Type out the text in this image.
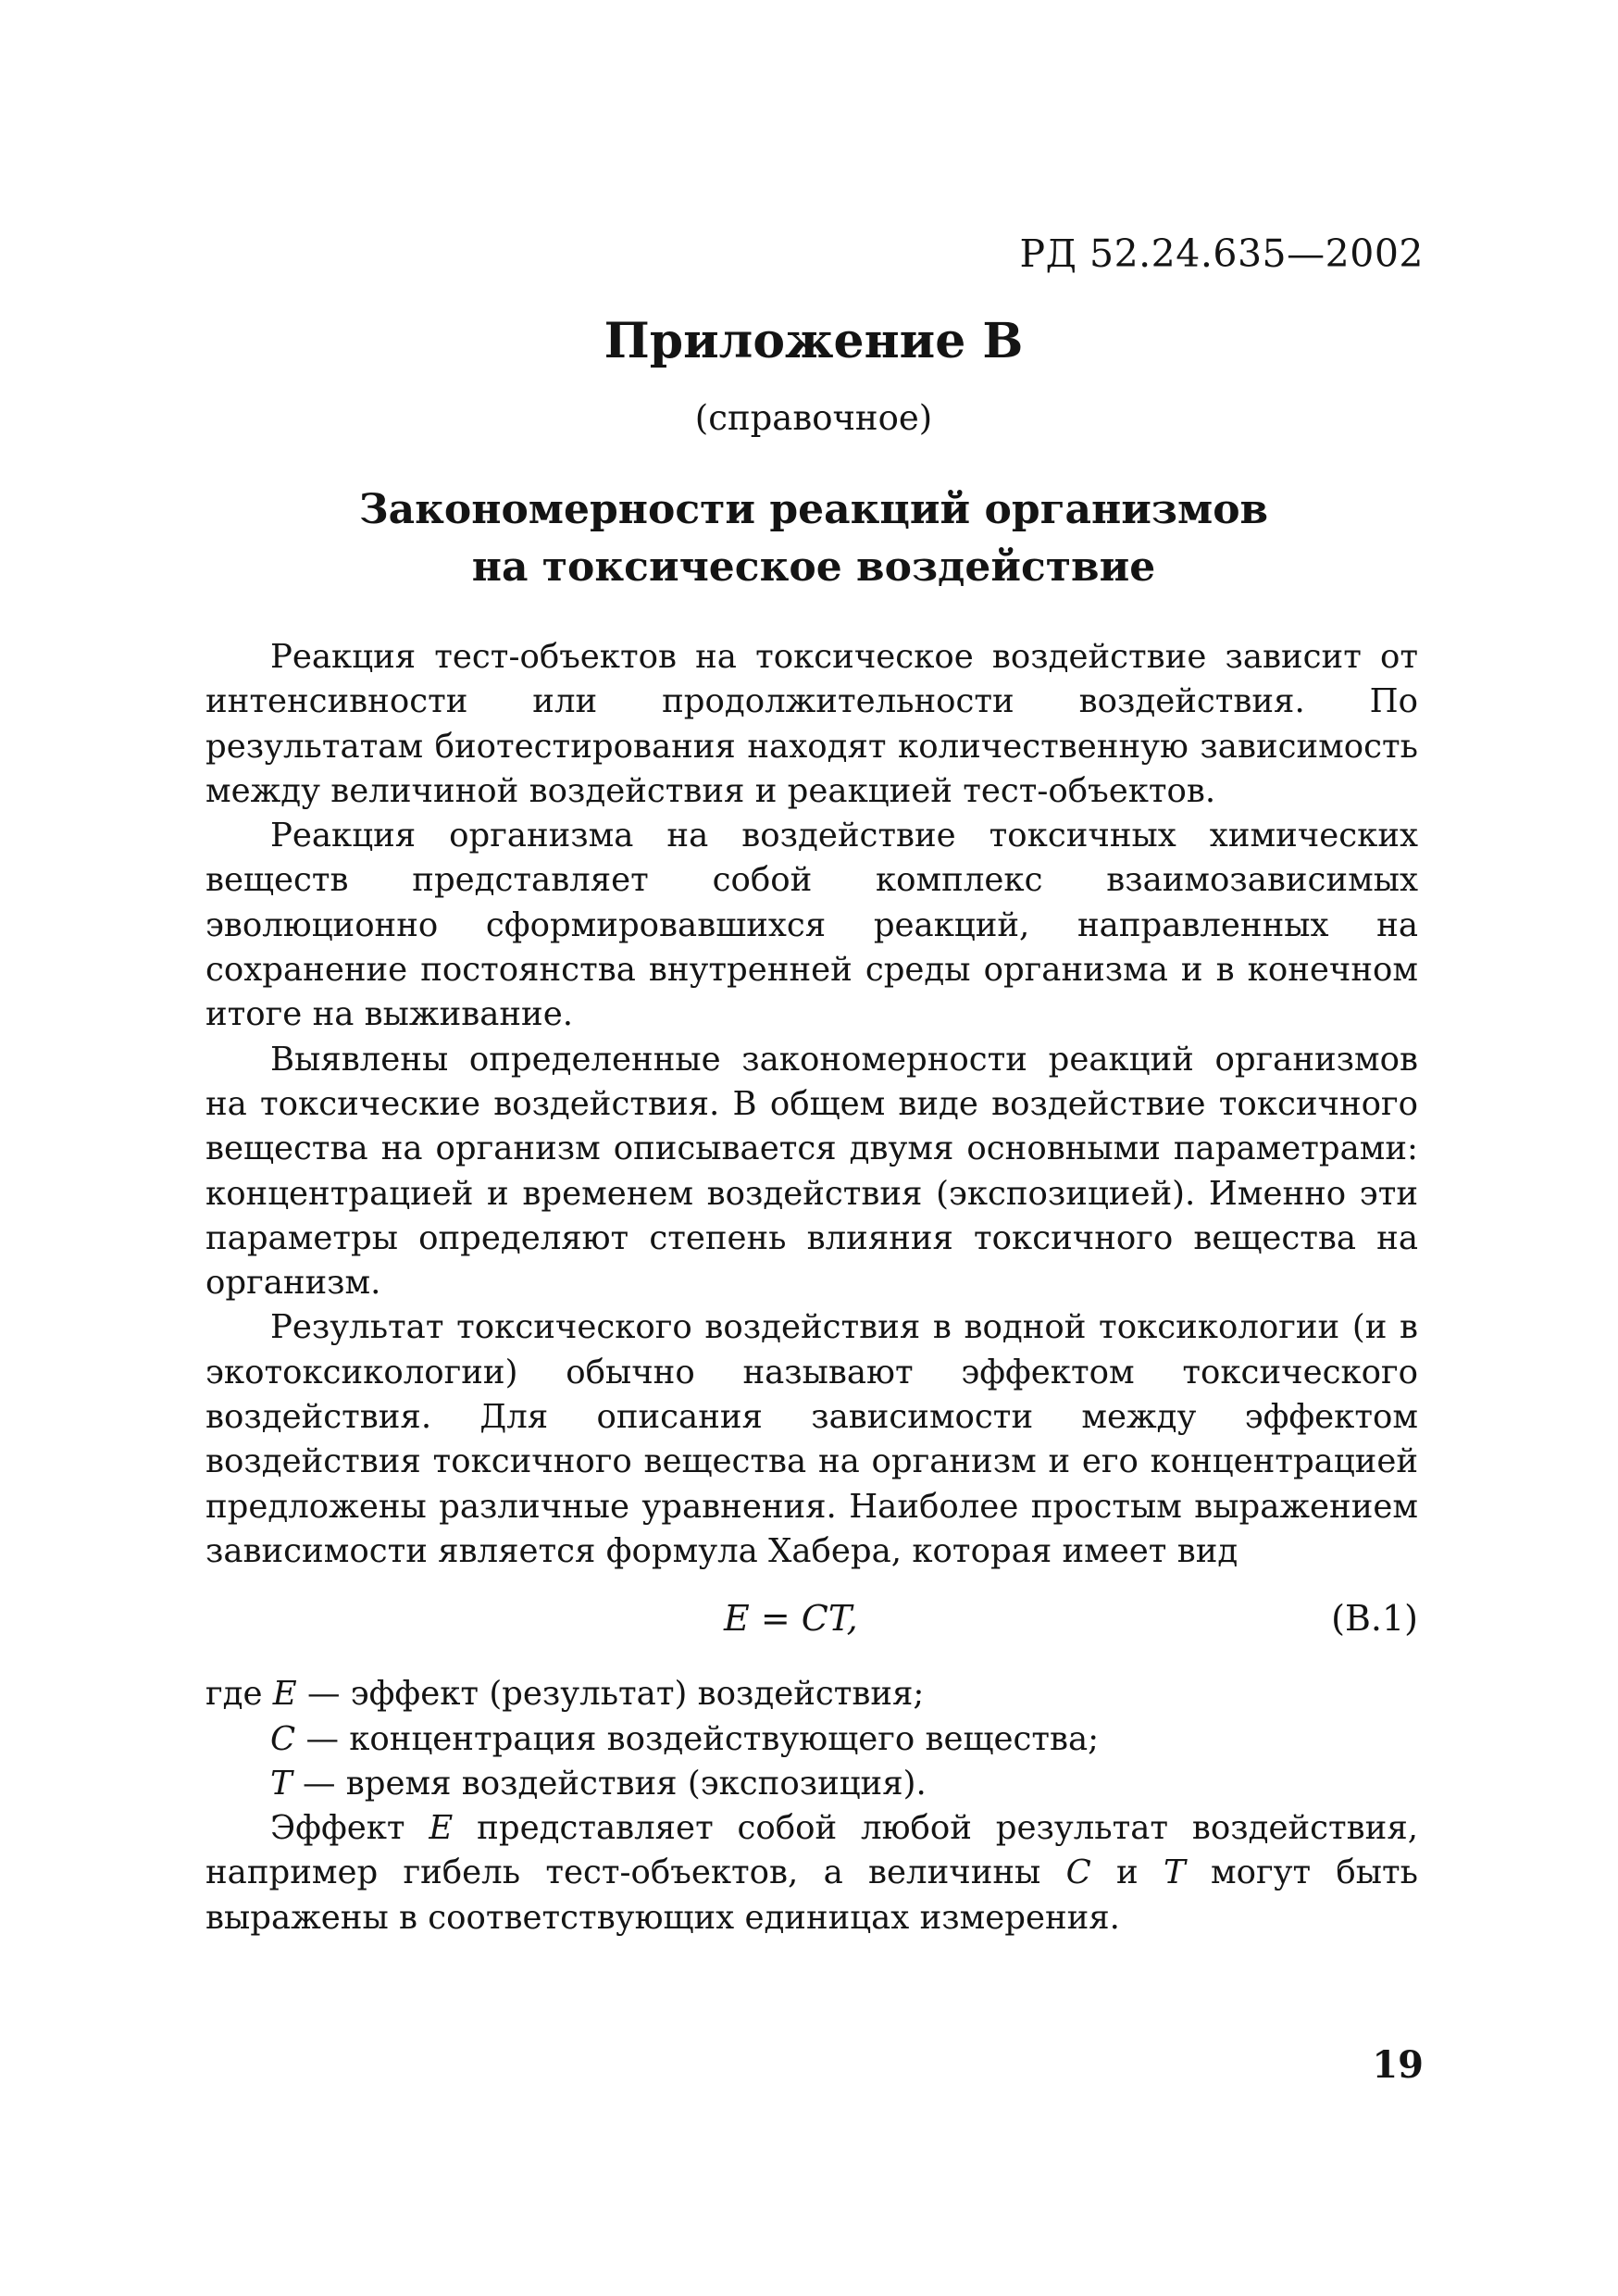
РД 52.24.635—2002
Приложение В
(справочное)
Закономерности реакций организмов
на токсическое воздействие

Реакция тест-объектов на токсическое воздействие зависит от интенсивности или продолжительности воздействия. По результатам биотестирования находят количественную зависимость между величиной воздействия и реакцией тест-объектов.

Реакция организма на воздействие токсичных химических веществ представляет собой комплекс взаимозависимых эволюционно сформировавшихся реакций, направленных на сохранение постоянства внутренней среды организма и в конечном итоге на выживание.

Выявлены определенные закономерности реакций организмов на токсические воздействия. В общем виде воздействие токсичного вещества на организм описывается двумя основными параметрами: концентрацией и временем воздействия (экспозицией). Именно эти параметры определяют степень влияния токсичного вещества на организм.

Результат токсического воздействия в водной токсикологии (и в экотоксикологии) обычно называют эффектом токсического воздействия. Для описания зависимости между эффектом воздействия токсичного вещества на организм и его концентрацией предложены различные уравнения. Наиболее простым выражением зависимости является формула Хабера, которая имеет вид

E = CT,	(В.1)
где E — эффект (результат) воздействия;
C — концентрация воздействующего вещества;
T — время воздействия (экспозиция).

Эффект E представляет собой любой результат воздействия, например гибель тест-объектов, а величины C и T могут быть выражены в соответствующих единицах измерения.

19
